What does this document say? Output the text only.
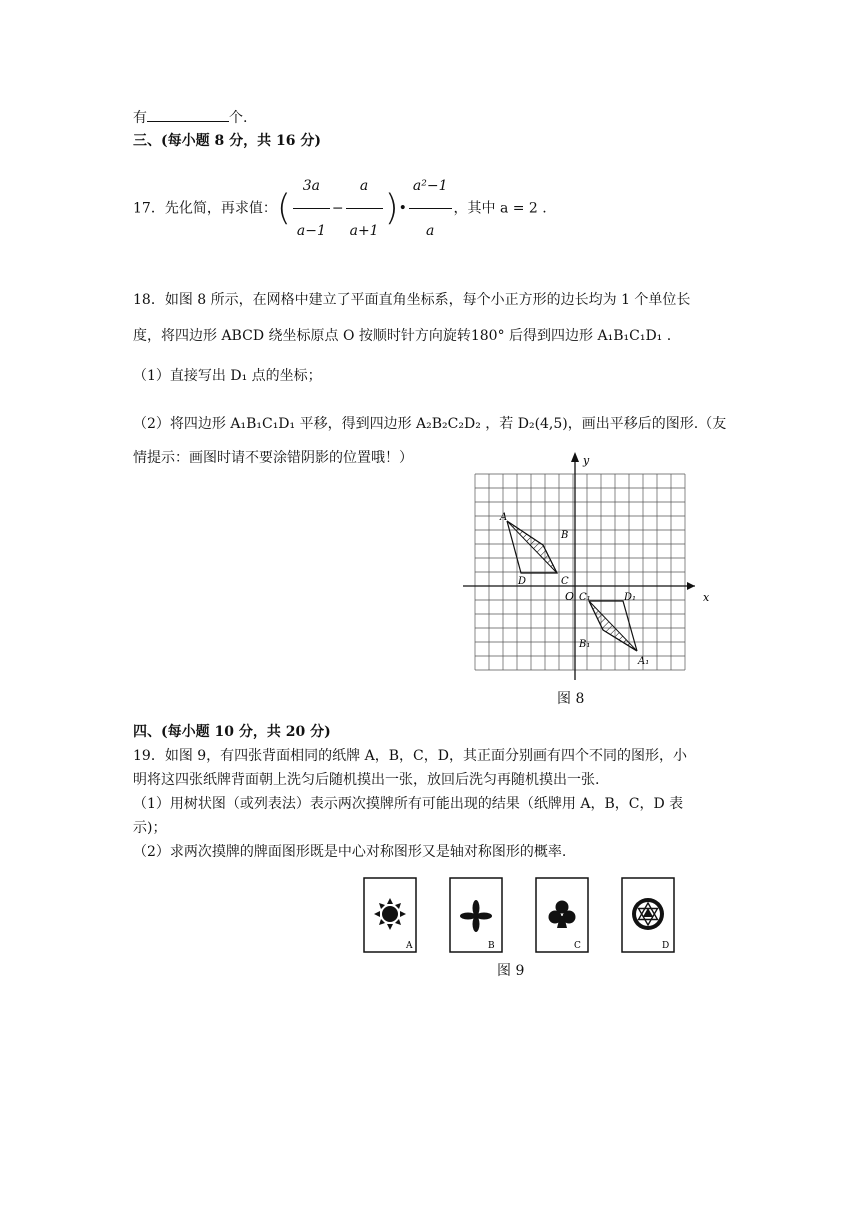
有	个.
三、(每小题 8 分，共 16 分)
17．先化简，再求值：( $\frac{3a}{a-1} - \frac{a}{a+1}$ )• $\frac{\text{a²−1}}{a}$ ，其中 a = 2 .
18．如图 8 所示，在网格中建立了平面直角坐标系，每个小正方形的边长均为 1 个单位长
度，将四边形 ABCD 绕坐标原点 O 按顺时针方向旋转180° 后得到四边形 A₁B₁C₁D₁ .
（1）直接写出 D₁ 点的坐标；
（2）将四边形 A₁B₁C₁D₁ 平移，得到四边形 A₂B₂C₂D₂ ，若 D₂(4,5)，画出平移后的图形.（友
情提示：画图时请不要涂错阴影的位置哦！）
x
y
O
A
B
C
D
A₁
B₁
C₁	D₁
图 8
四、(每小题 10 分，共 20 分)
19．如图 9，有四张背面相同的纸牌 A，B，C，D，其正面分别画有四个不同的图形，小
明将这四张纸牌背面朝上洗匀后随机摸出一张，放回后洗匀再随机摸出一张.
（1）用树状图（或列表法）表示两次摸牌所有可能出现的结果（纸牌用 A，B，C，D 表
示)；
（2）求两次摸牌的牌面图形既是中心对称图形又是轴对称图形的概率.
A	B	C	D
图 9
